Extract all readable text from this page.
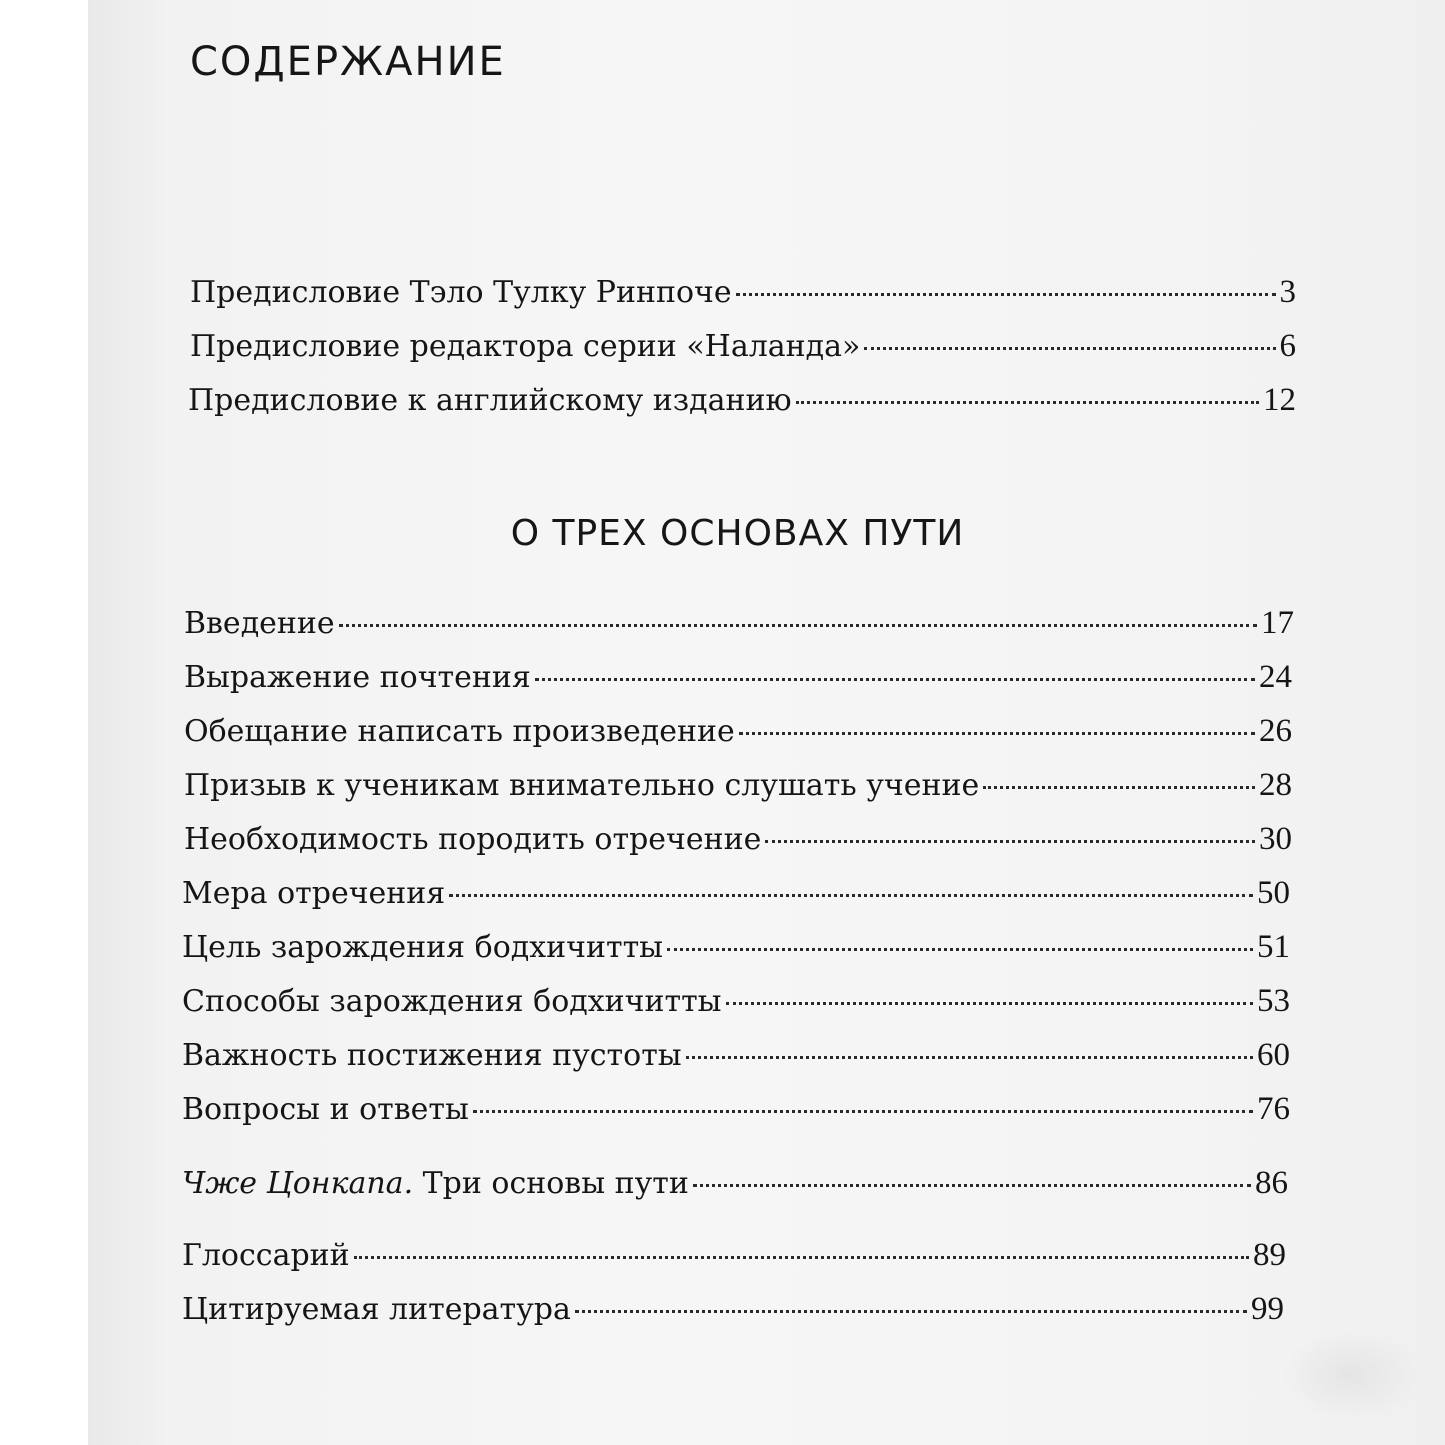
СОДЕРЖАНИЕ
Предисловие Тэло Тулку Ринпоче	3
Предисловие редактора серии «Наланда»	6
Предисловие к английскому изданию	12
О ТРЕХ ОСНОВАХ ПУТИ
Введение	17
Выражение почтения	24
Обещание написать произведение	26
Призыв к ученикам внимательно слушать учение	28
Необходимость породить отречение	30
Мера отречения	50
Цель зарождения бодхичитты	51
Способы зарождения бодхичитты	53
Важность постижения пустоты	60
Вопросы и ответы	76
Чже Цонкапа. Три основы пути	86
Глоссарий	89
Цитируемая литература	99
